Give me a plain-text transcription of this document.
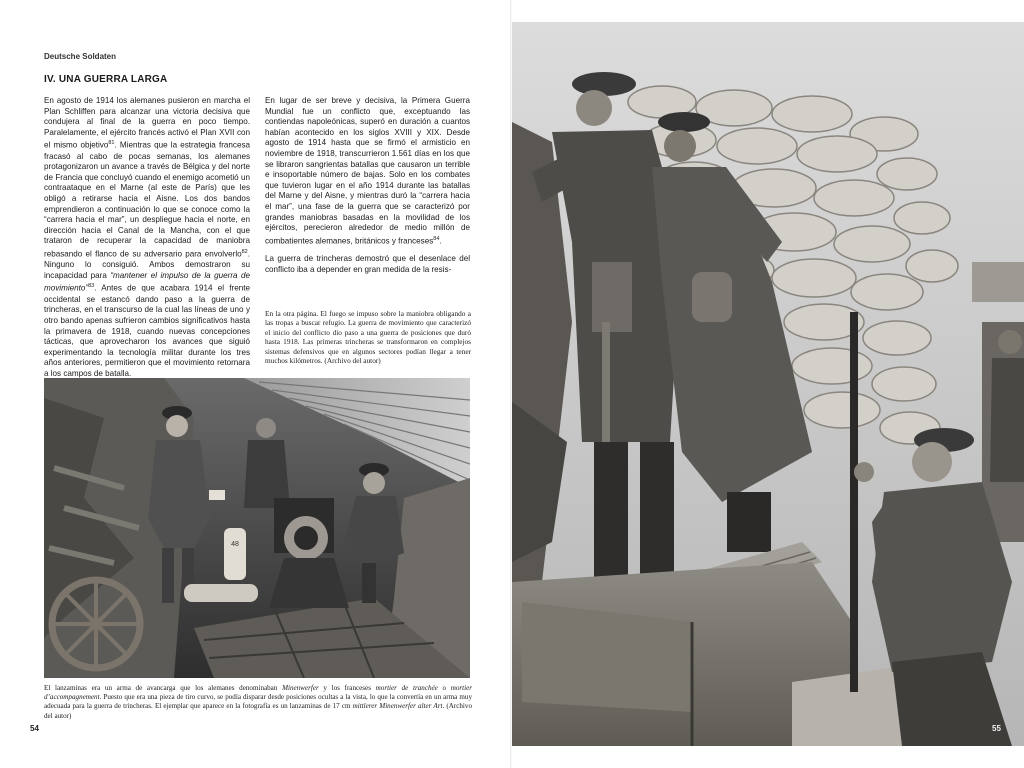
Deutsche Soldaten
IV. UNA GUERRA LARGA

En agosto de 1914 los alemanes pusieron en marcha el Plan Schliffen para alcanzar una victoria decisiva que condujera al final de la guerra en poco tiempo. Paralelamente, el ejército francés activó el Plan XVII con el mismo objetivo$^{81}$. Mientras que la estrategia francesa fracasó al cabo de pocas semanas, los alemanes protagonizaron un avance a través de Bélgica y del norte de Francia que concluyó cuando el enemigo acometió un contraataque en el Marne (al este de París) que les obligó a retirarse hacia el Aisne. Los dos bandos emprendieron a continuación lo que se conoce como la “carrera hacia el mar”, un despliegue hacia el norte, en dirección hacia el Canal de la Mancha, con el que trataron de recuperar la capacidad de maniobra rebasando el flanco de su adversario para envolverlo$^{82}$. Ninguno lo consiguió. Ambos demostraron su incapacidad para “mantener el impulso de la guerra de movimiento”$^{83}$. Antes de que acabara 1914 el frente occidental se estancó dando paso a la guerra de trincheras, en el transcurso de la cual las líneas de uno y otro bando apenas sufrieron cambios significativos hasta la primavera de 1918, cuando nuevas concepciones tácticas, que aprovecharon los avances que siguió experimentando la tecnología militar durante los tres años anteriores, permitieron que el movimiento retornara a los campos de batalla.

En lugar de ser breve y decisiva, la Primera Guerra Mundial fue un conflicto que, exceptuando las contiendas napoleónicas, superó en duración a cuantos habían acontecido en los siglos XVIII y XIX. Desde agosto de 1914 hasta que se firmó el armisticio en noviembre de 1918, transcurrieron 1.561 días en los que se libraron sangrientas batallas que causaron un terrible e insoportable número de bajas. Solo en los combates que tuvieron lugar en el año 1914 durante las batallas del Marne y del Aisne, y mientras duró la “carrera hacia el mar”, una fase de la guerra que se caracterizó por grandes maniobras basadas en la movilidad de los ejércitos, perecieron alrededor de medio millón de combatientes alemanes, británicos y franceses$^{84}$.

La guerra de trincheras demostró que el desenlace del conflicto iba a depender en gran medida de la resis-

En la otra página. El fuego se impuso sobre la maniobra obligando a las tropas a buscar refugio. La guerra de movimiento que caracterizó el inicio del conflicto dio paso a una guerra de posiciones que duró hasta 1918. Las primeras trincheras se transformaron en complejos sistemas defensivos que en algunos sectores podían llegar a tener muchos kilómetros. (Archivo del autor)
48
El lanzaminas era un arma de avancarga que los alemanes denominaban Minenwerfer y los franceses mortier de tranchée o mortier d’accompagnement. Puesto que era una pieza de tiro curvo, se podía disparar desde posiciones ocultas a la vista, lo que la convertía en un arma muy adecuada para la guerra de trincheras. El ejemplar que aparece en la fotografía es un lanzaminas de 17 cm mittlerer Minenwerfer alter Art. (Archivo del autor)
54	55
